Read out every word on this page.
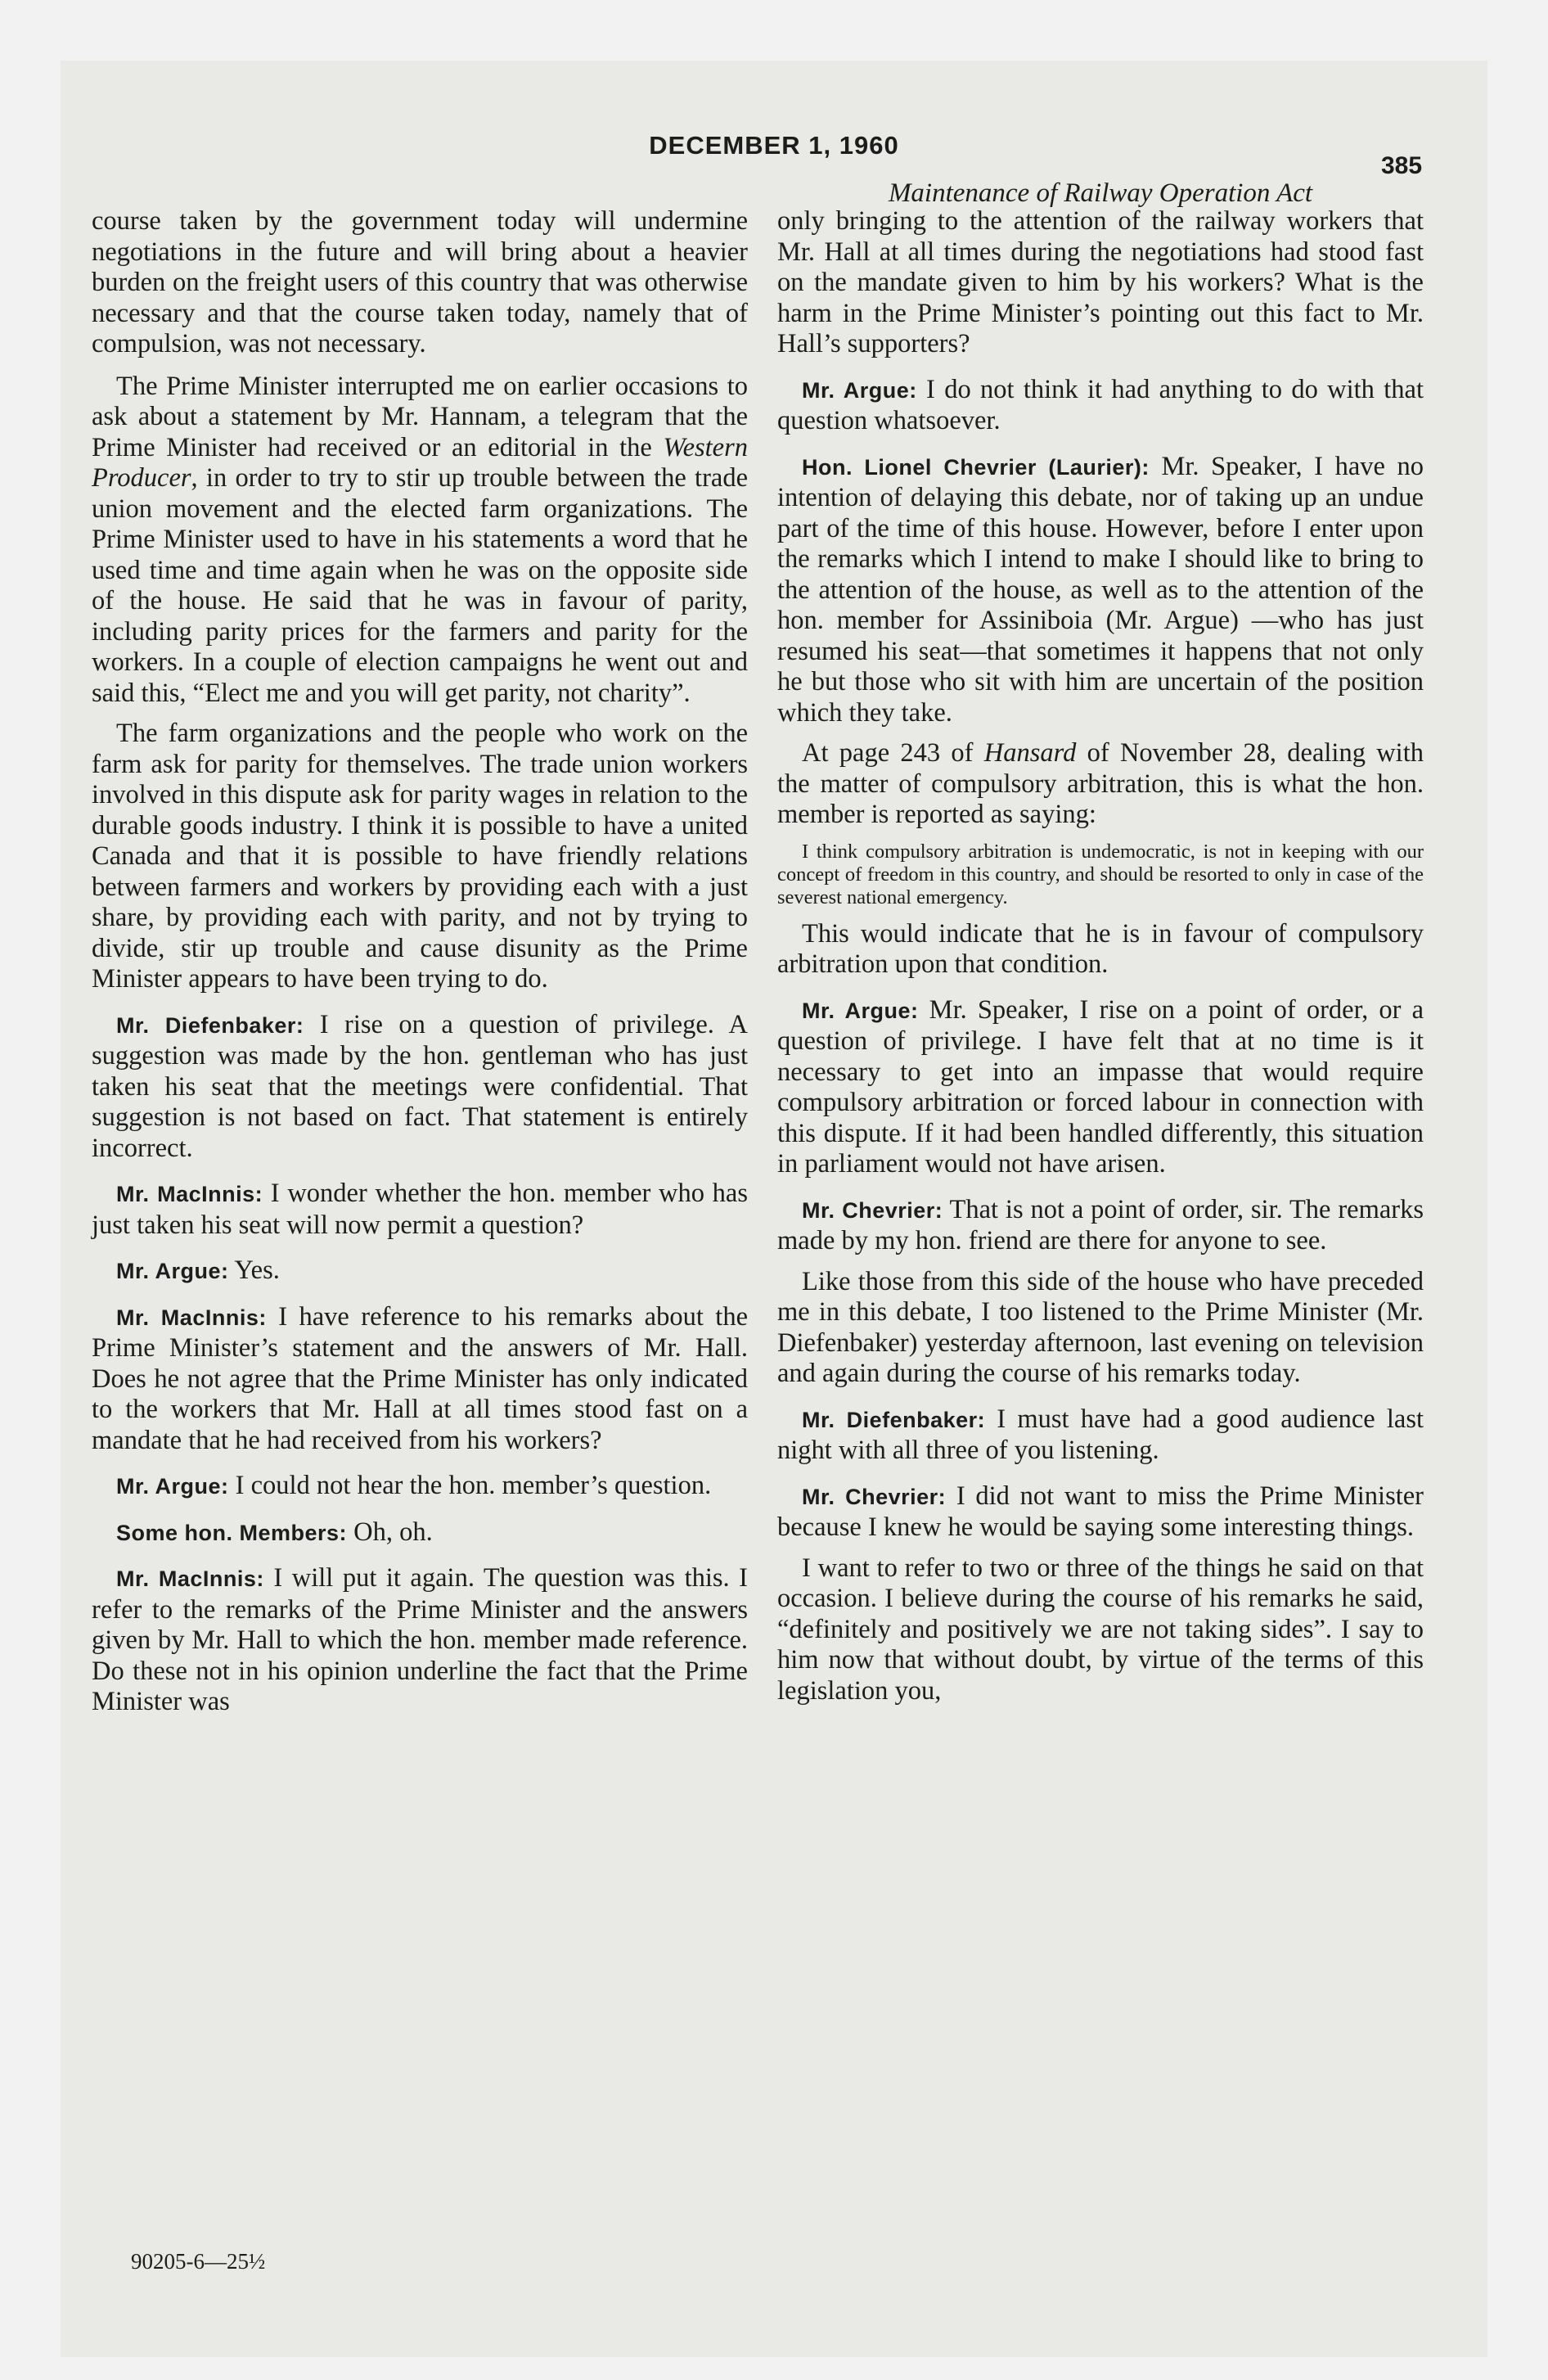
DECEMBER 1, 1960
385
Maintenance of Railway Operation Act

course taken by the government today will undermine negotiations in the future and will bring about a heavier burden on the freight users of this country that was otherwise necessary and that the course taken today, namely that of compulsion, was not necessary.

The Prime Minister interrupted me on earlier occasions to ask about a statement by Mr. Hannam, a telegram that the Prime Minister had received or an editorial in the Western Producer, in order to try to stir up trouble between the trade union movement and the elected farm organizations. The Prime Minister used to have in his statements a word that he used time and time again when he was on the opposite side of the house. He said that he was in favour of parity, including parity prices for the farmers and parity for the workers. In a couple of election campaigns he went out and said this, “Elect me and you will get parity, not charity”.

The farm organizations and the people who work on the farm ask for parity for themselves. The trade union workers involved in this dispute ask for parity wages in relation to the durable goods industry. I think it is possible to have a united Canada and that it is possible to have friendly relations between farmers and workers by providing each with a just share, by providing each with parity, and not by trying to divide, stir up trouble and cause disunity as the Prime Minister appears to have been trying to do.

Mr. Diefenbaker: I rise on a question of privilege. A suggestion was made by the hon. gentleman who has just taken his seat that the meetings were confidential. That suggestion is not based on fact. That statement is entirely incorrect.

Mr. MacInnis: I wonder whether the hon. member who has just taken his seat will now permit a question?

Mr. Argue: Yes.

Mr. MacInnis: I have reference to his remarks about the Prime Minister’s statement and the answers of Mr. Hall. Does he not agree that the Prime Minister has only indicated to the workers that Mr. Hall at all times stood fast on a mandate that he had received from his workers?

Mr. Argue: I could not hear the hon. member’s question.

Some hon. Members: Oh, oh.

Mr. MacInnis: I will put it again. The question was this. I refer to the remarks of the Prime Minister and the answers given by Mr. Hall to which the hon. member made reference. Do these not in his opinion underline the fact that the Prime Minister was

only bringing to the attention of the railway workers that Mr. Hall at all times during the negotiations had stood fast on the mandate given to him by his workers? What is the harm in the Prime Minister’s pointing out this fact to Mr. Hall’s supporters?

Mr. Argue: I do not think it had anything to do with that question whatsoever.

Hon. Lionel Chevrier (Laurier): Mr. Speaker, I have no intention of delaying this debate, nor of taking up an undue part of the time of this house. However, before I enter upon the remarks which I intend to make I should like to bring to the attention of the house, as well as to the attention of the hon. member for Assiniboia (Mr. Argue) —who has just resumed his seat—that sometimes it happens that not only he but those who sit with him are uncertain of the position which they take.

At page 243 of Hansard of November 28, dealing with the matter of compulsory arbitration, this is what the hon. member is reported as saying:

I think compulsory arbitration is undemocratic, is not in keeping with our concept of freedom in this country, and should be resorted to only in case of the severest national emergency.

This would indicate that he is in favour of compulsory arbitration upon that condition.

Mr. Argue: Mr. Speaker, I rise on a point of order, or a question of privilege. I have felt that at no time is it necessary to get into an impasse that would require compulsory arbitration or forced labour in connection with this dispute. If it had been handled differently, this situation in parliament would not have arisen.

Mr. Chevrier: That is not a point of order, sir. The remarks made by my hon. friend are there for anyone to see.

Like those from this side of the house who have preceded me in this debate, I too listened to the Prime Minister (Mr. Diefenbaker) yesterday afternoon, last evening on television and again during the course of his remarks today.

Mr. Diefenbaker: I must have had a good audience last night with all three of you listening.

Mr. Chevrier: I did not want to miss the Prime Minister because I knew he would be saying some interesting things.

I want to refer to two or three of the things he said on that occasion. I believe during the course of his remarks he said, “definitely and positively we are not taking sides”. I say to him now that without doubt, by virtue of the terms of this legislation you,

90205-6—25½
